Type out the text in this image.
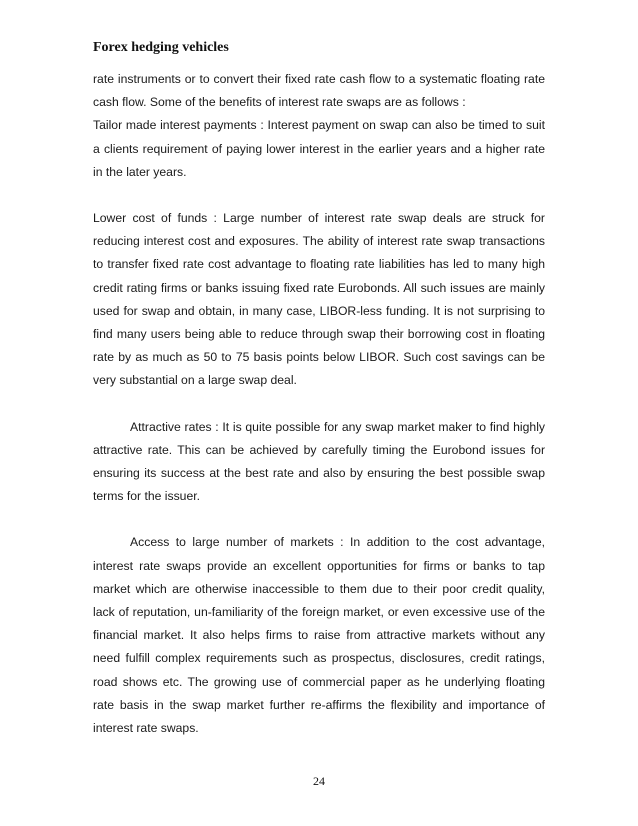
Forex hedging vehicles

rate instruments or to convert their fixed rate cash flow to a systematic floating rate cash flow. Some of the benefits of interest rate swaps are as follows :

Tailor made interest payments : Interest payment on swap can also be timed to suit a clients requirement of paying lower interest in the earlier years and a higher rate in the later years.

Lower cost of funds : Large number of interest rate swap deals are struck for reducing interest cost and exposures. The ability of interest rate swap transactions to transfer fixed rate cost advantage to floating rate liabilities has led to many high credit rating firms or banks issuing fixed rate Eurobonds. All such issues are mainly used for swap and obtain, in many case, LIBOR-less funding. It is not surprising to find many users being able to reduce through swap their borrowing cost in floating rate by as much as 50 to 75 basis points below LIBOR. Such cost savings can be very substantial on a large swap deal.

Attractive rates : It is quite possible for any swap market maker to find highly attractive rate. This can be achieved by carefully timing the Eurobond issues for ensuring its success at the best rate and also by ensuring the best possible swap terms for the issuer.

Access to large number of markets : In addition to the cost advantage, interest rate swaps provide an excellent opportunities for firms or banks to tap market which are otherwise inaccessible to them due to their poor credit quality, lack of reputation, un-familiarity of the foreign market, or even excessive use of the financial market. It also helps firms to raise from attractive markets without any need fulfill complex requirements such as prospectus, disclosures, credit ratings, road shows etc. The growing use of commercial paper as he underlying floating rate basis in the swap market further re-affirms the flexibility and importance of interest rate swaps.

24
